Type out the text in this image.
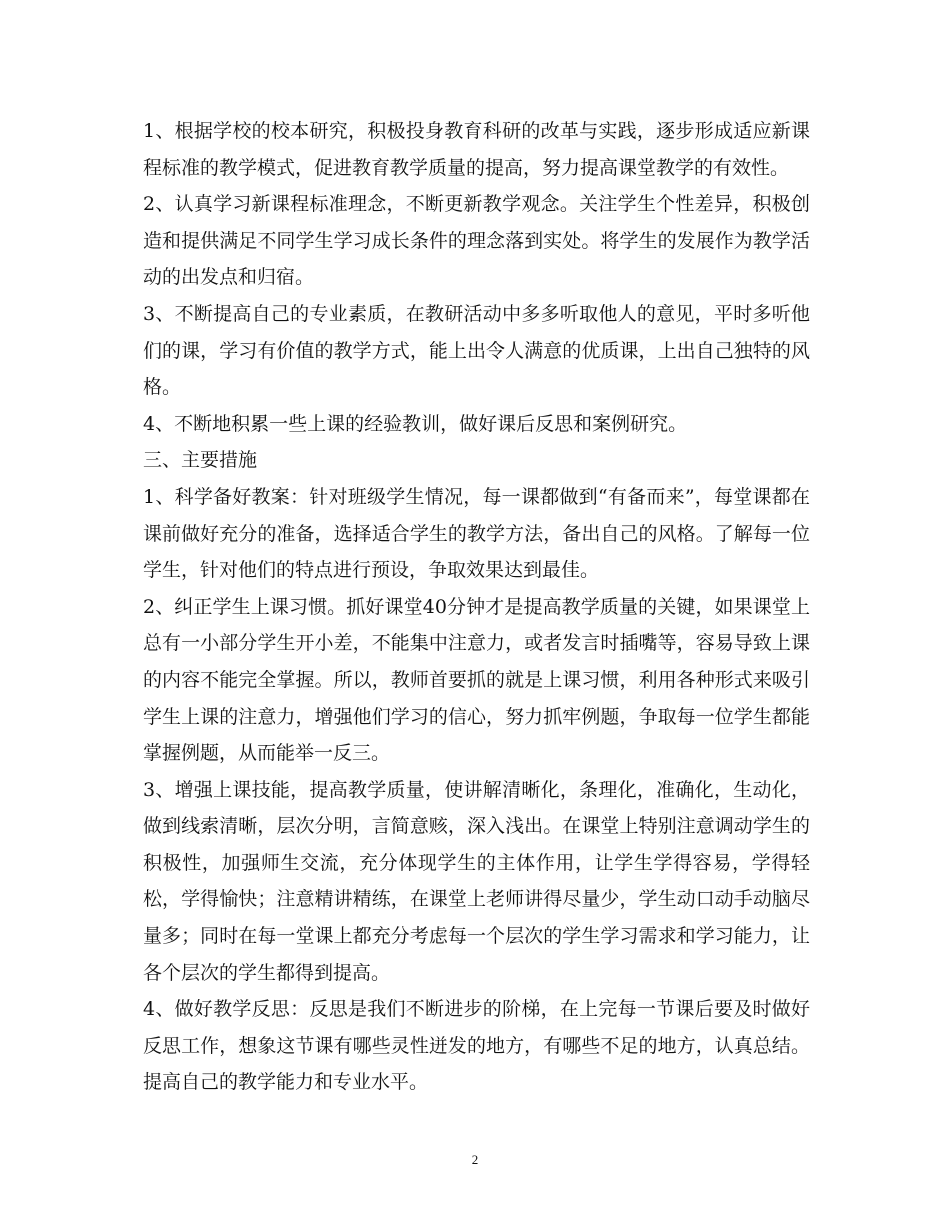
1、根据学校的校本研究，积极投身教育科研的改革与实践，逐步形成适应新课程标准的教学模式，促进教育教学质量的提高，努力提高课堂教学的有效性。

2、认真学习新课程标准理念，不断更新教学观念。关注学生个性差异，积极创造和提供满足不同学生学习成长条件的理念落到实处。将学生的发展作为教学活动的出发点和归宿。

3、不断提高自己的专业素质，在教研活动中多多听取他人的意见，平时多听他们的课，学习有价值的教学方式，能上出令人满意的优质课，上出自己独特的风格。

4、不断地积累一些上课的经验教训，做好课后反思和案例研究。

三、主要措施

1、科学备好教案：针对班级学生情况，每一课都做到“有备而来”，每堂课都在课前做好充分的准备，选择适合学生的教学方法，备出自己的风格。了解每一位学生，针对他们的特点进行预设，争取效果达到最佳。

2、纠正学生上课习惯。抓好课堂40分钟才是提高教学质量的关键，如果课堂上总有一小部分学生开小差，不能集中注意力，或者发言时插嘴等，容易导致上课的内容不能完全掌握。所以，教师首要抓的就是上课习惯，利用各种形式来吸引学生上课的注意力，增强他们学习的信心，努力抓牢例题，争取每一位学生都能掌握例题，从而能举一反三。

3、增强上课技能，提高教学质量，使讲解清晰化，条理化，准确化，生动化，做到线索清晰，层次分明，言简意赅，深入浅出。在课堂上特别注意调动学生的积极性，加强师生交流，充分体现学生的主体作用，让学生学得容易，学得轻松，学得愉快；注意精讲精练，在课堂上老师讲得尽量少，学生动口动手动脑尽量多；同时在每一堂课上都充分考虑每一个层次的学生学习需求和学习能力，让各个层次的学生都得到提高。

4、做好教学反思：反思是我们不断进步的阶梯，在上完每一节课后要及时做好反思工作，想象这节课有哪些灵性迸发的地方，有哪些不足的地方，认真总结。提高自己的教学能力和专业水平。

2
